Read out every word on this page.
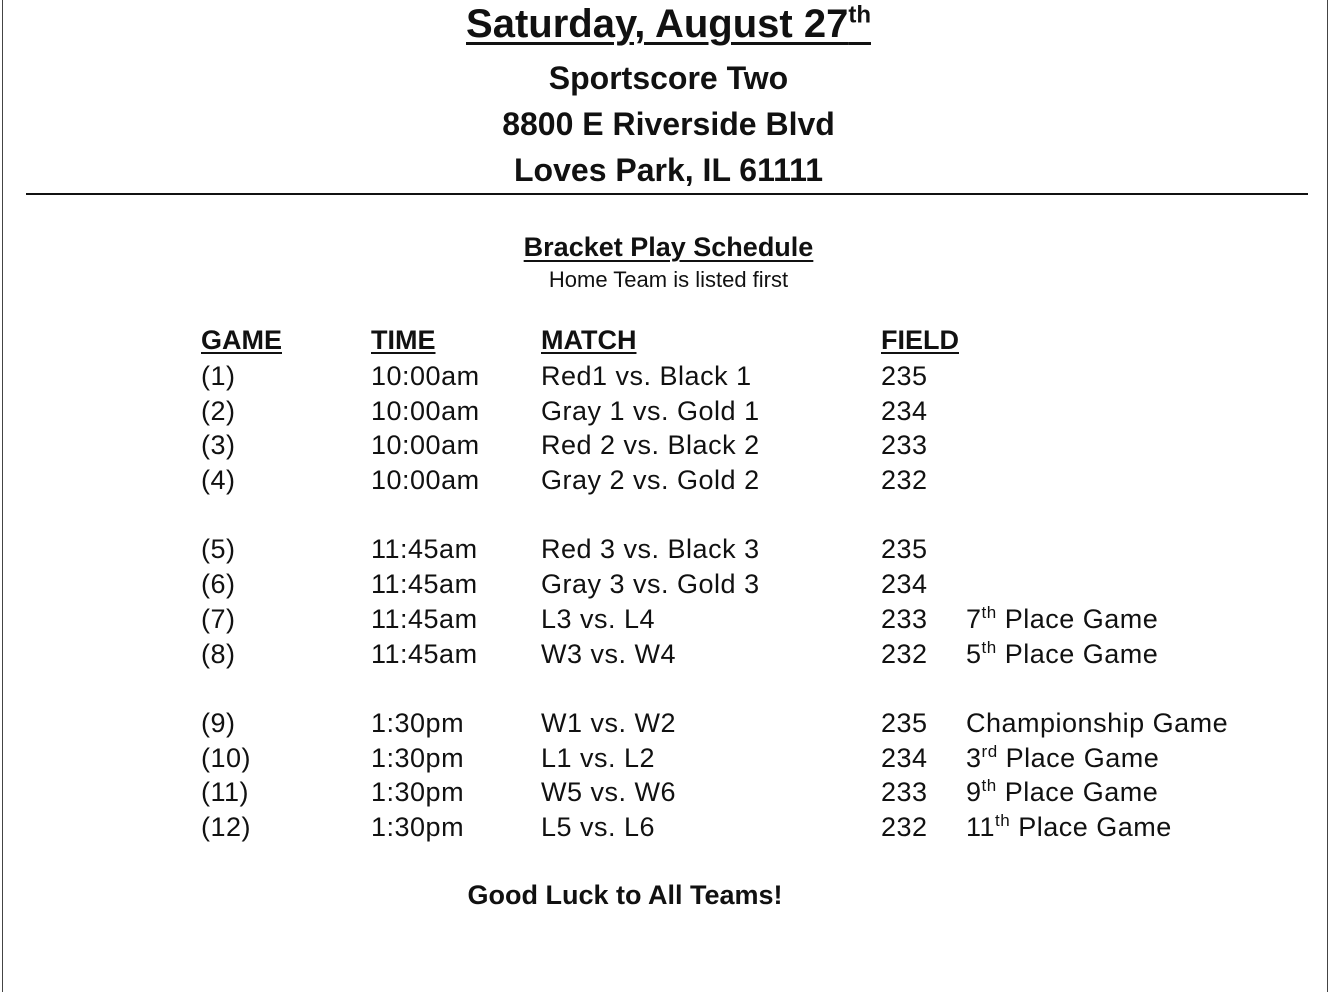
Saturday, August 27th
Sportscore Two
8800 E Riverside Blvd
Loves Park, IL 61111
Bracket Play Schedule
Home Team is listed first
GAME	TIME	MATCH	FIELD
(1)	10:00am Red1 vs. Black 1	235
(2)	10:00am Gray 1 vs. Gold 1	234
(3)	10:00am Red 2 vs. Black 2	233
(4)	10:00am Gray 2 vs. Gold 2	232
(5)	11:45am Red 3 vs. Black 3	235
(6)	11:45am Gray 3 vs. Gold 3	234
(7)	11:45am L3 vs. L4	233 7th Place Game
(8)	11:45am W3 vs. W4	232 5th Place Game
(9)	1:30pm	W1 vs. W2	235 Championship Game
(10)	1:30pm	L1 vs. L2	234 3rd Place Game
(11)	1:30pm	W5 vs. W6	233 9th Place Game
(12)	1:30pm	L5 vs. L6	232 11th Place Game
Good Luck to All Teams!
